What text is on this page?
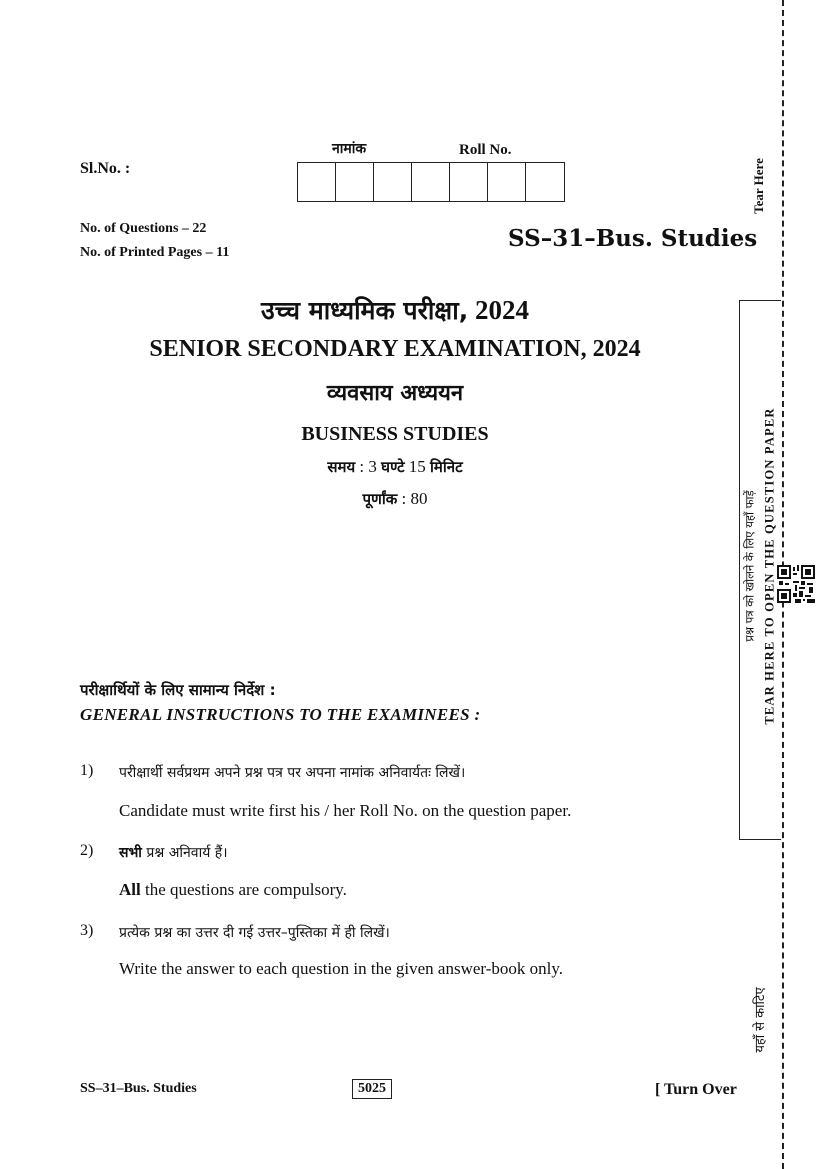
Tear Here
TEAR HERE TO OPEN THE QUESTION PAPER
प्रश्न पत्र को खोलने के लिए यहाँ फाड़ें
यहाँ से काटिए
Sl.No. :
नामांक	Roll No.
No. of Questions – 22
No. of Printed Pages – 11
SS–31–Bus. Studies
उच्च माध्यमिक परीक्षा, 2024
SENIOR SECONDARY EXAMINATION, 2024
व्यवसाय अध्ययन
BUSINESS STUDIES
समय : 3 घण्टे 15 मिनिट
पूर्णांक : 80
परीक्षार्थियों के लिए सामान्य निर्देश :
GENERAL INSTRUCTIONS TO THE EXAMINEES :
1) परीक्षार्थी सर्वप्रथम अपने प्रश्न पत्र पर अपना नामांक अनिवार्यतः लिखें।
Candidate must write first his / her Roll No. on the question paper.
2) सभी प्रश्न अनिवार्य हैं।
All the questions are compulsory.
3) प्रत्येक प्रश्न का उत्तर दी गई उत्तर–पुस्तिका में ही लिखें।
Write the answer to each question in the given answer-book only.
SS–31–Bus. Studies	5025	[ Turn Over
